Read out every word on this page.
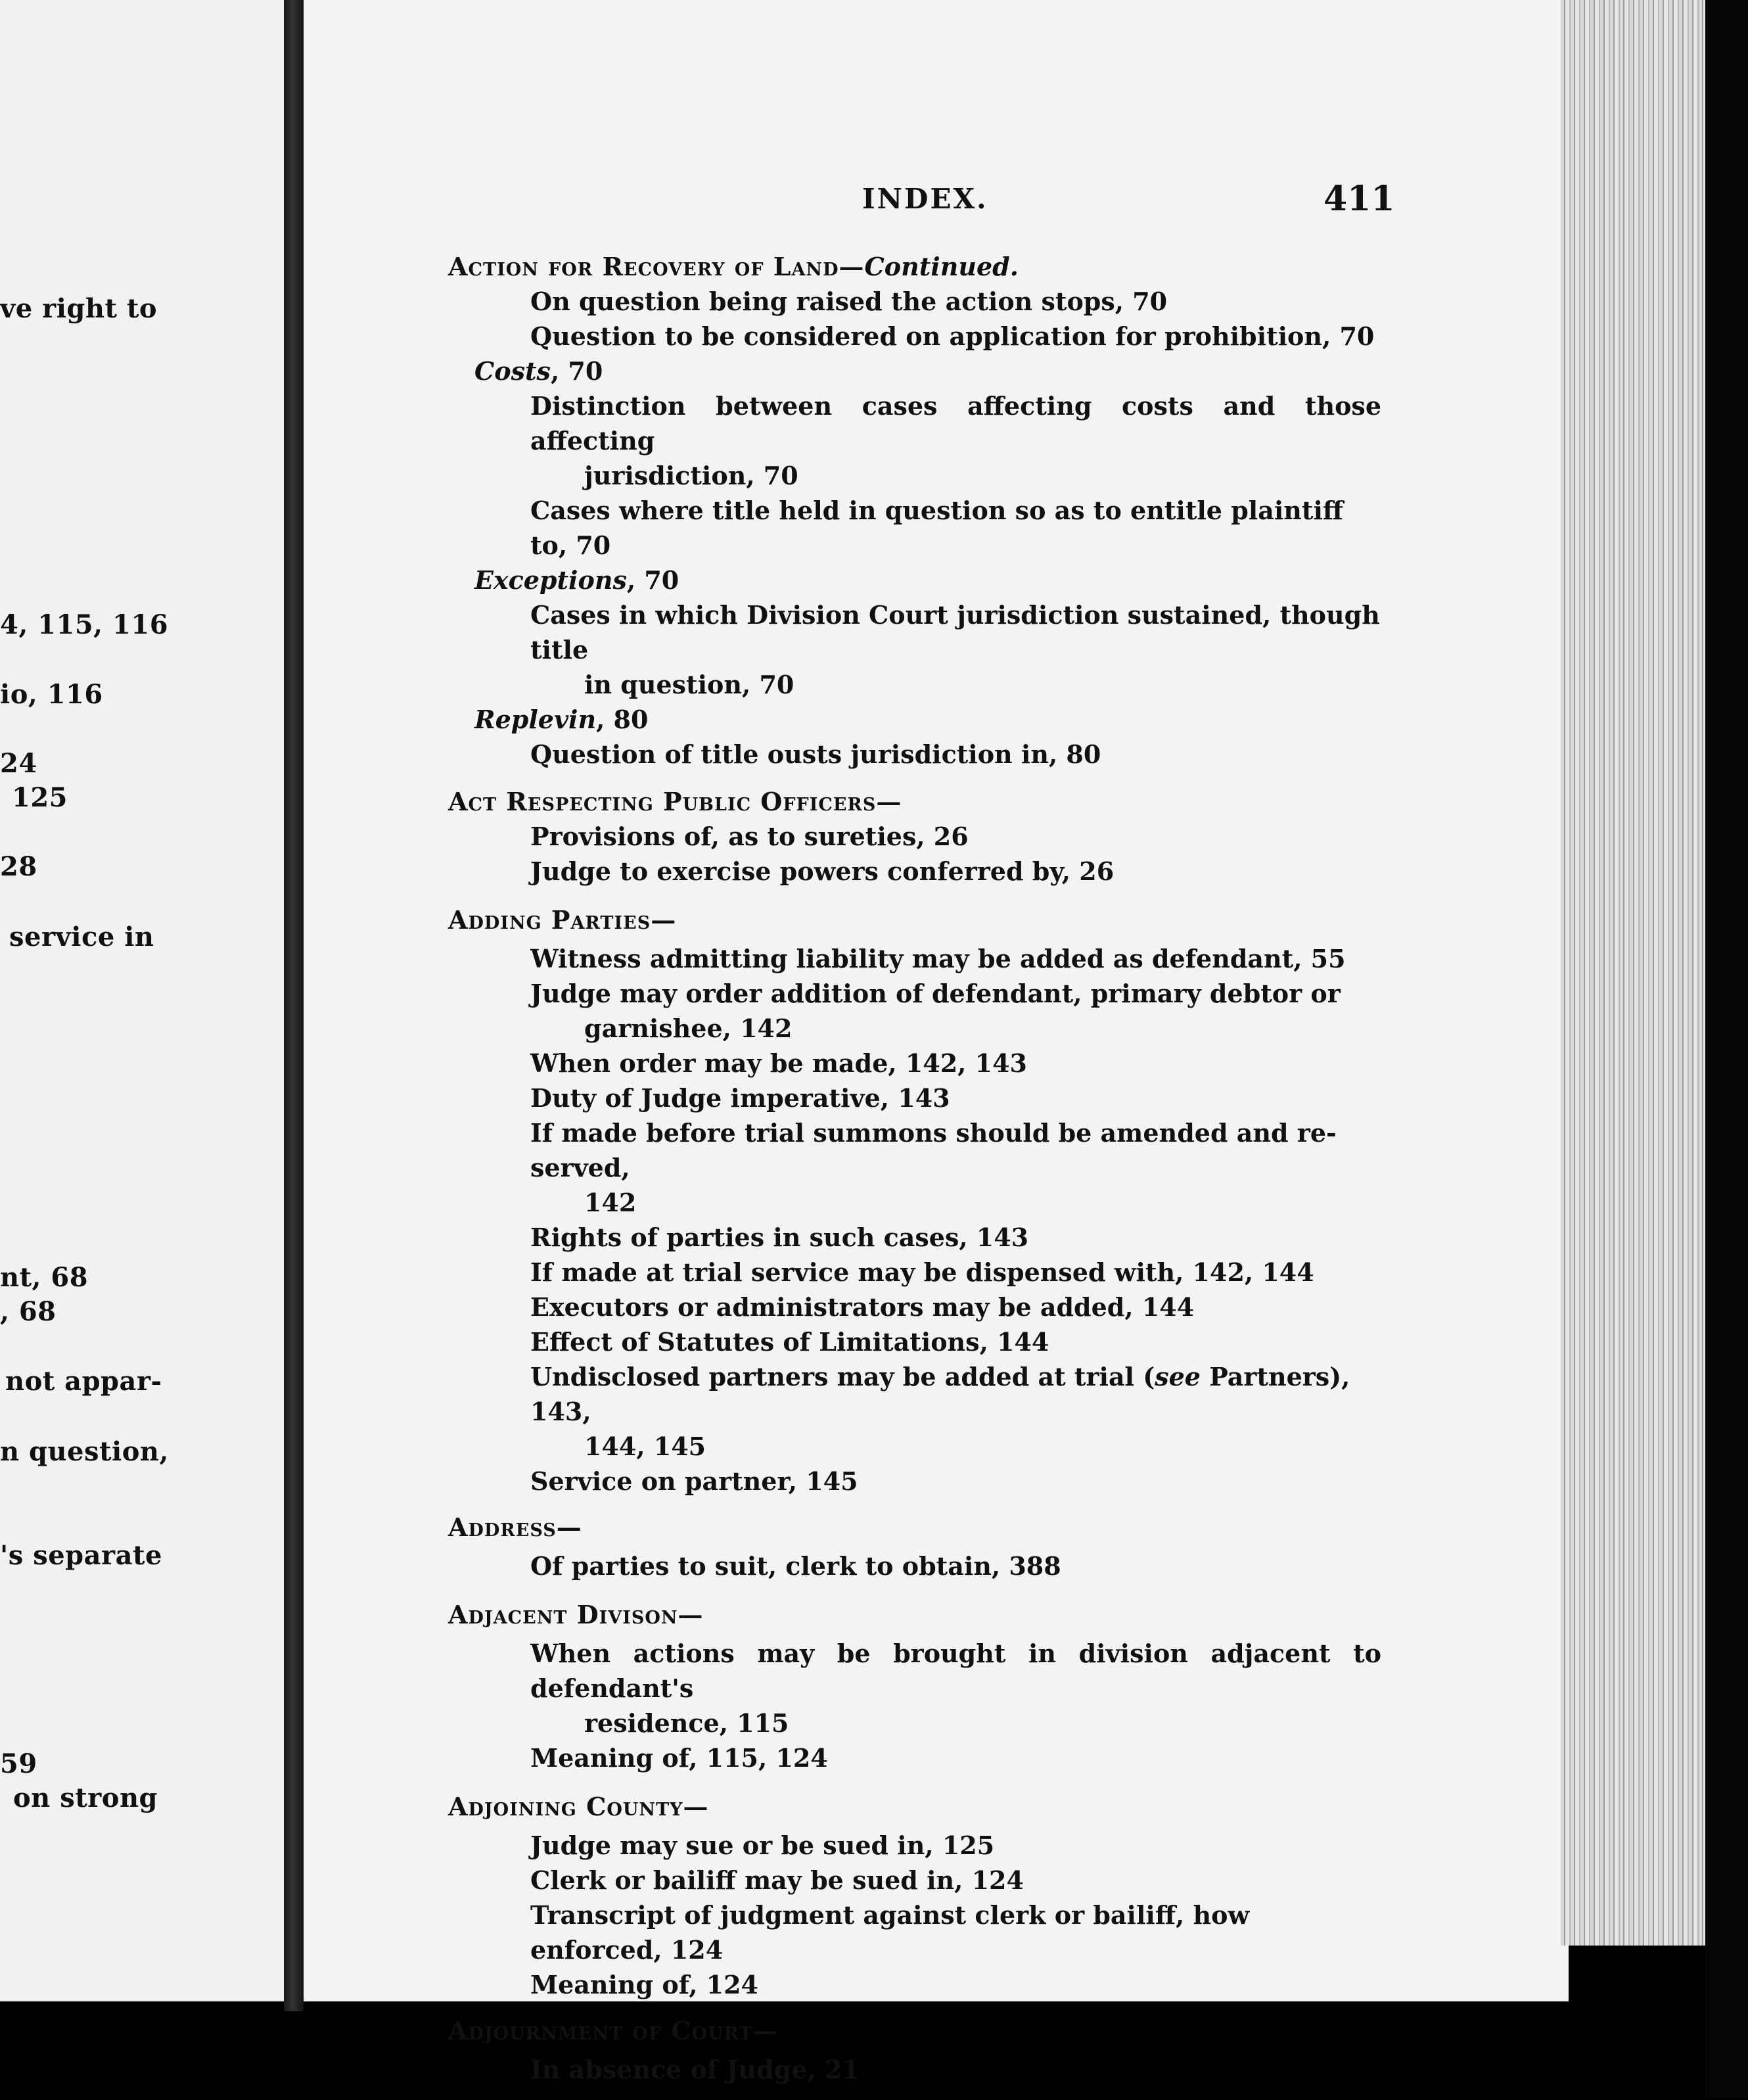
ve right to
4, 115, 116
io, 116
24
125
28
service in
nt, 68
, 68
not appar-
n question,
's separate
59
on strong
INDEX.	411
Action for Recovery of Land—Continued.
On question being raised the action stops, 70
Question to be considered on application for prohibition, 70
Costs, 70
Distinction between cases affecting costs and those affecting
jurisdiction, 70
Cases where title held in question so as to entitle plaintiff to, 70
Exceptions, 70
Cases in which Division Court jurisdiction sustained, though title
in question, 70
Replevin, 80
Question of title ousts jurisdiction in, 80
Act Respecting Public Officers—
Provisions of, as to sureties, 26
Judge to exercise powers conferred by, 26
Adding Parties—
Witness admitting liability may be added as defendant, 55
Judge may order addition of defendant, primary debtor or
garnishee, 142
When order may be made, 142, 143
Duty of Judge imperative, 143
If made before trial summons should be amended and re-served,
142
Rights of parties in such cases, 143
If made at trial service may be dispensed with, 142, 144
Executors or administrators may be added, 144
Effect of Statutes of Limitations, 144
Undisclosed partners may be added at trial (see Partners), 143,
144, 145
Service on partner, 145
Address—
Of parties to suit, clerk to obtain, 388
Adjacent Divison—
When actions may be brought in division adjacent to defendant's
residence, 115
Meaning of, 115, 124
Adjoining County—
Judge may sue or be sued in, 125
Clerk or bailiff may be sued in, 124
Transcript of judgment against clerk or bailiff, how enforced, 124
Meaning of, 124
Adjournment of Court—
In absence of Judge, 21
